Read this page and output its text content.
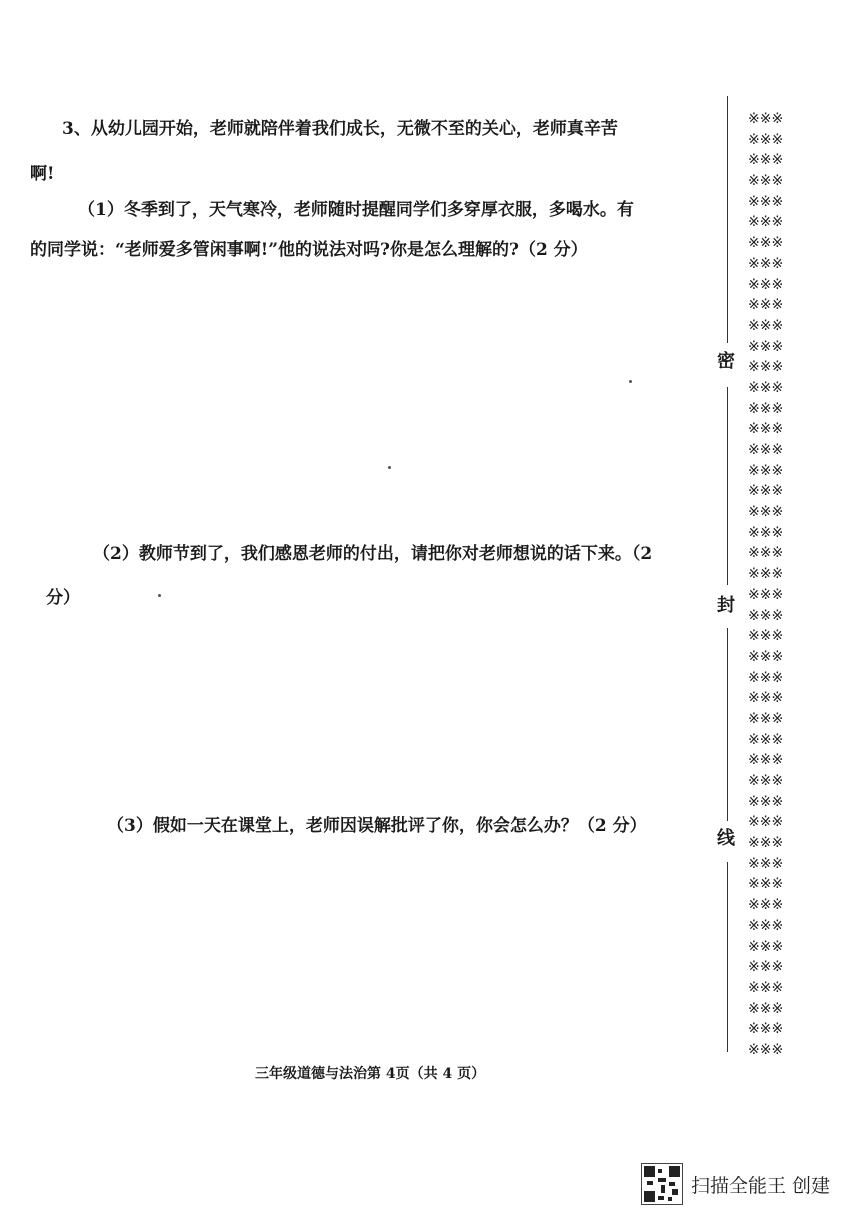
3、从幼儿园开始，老师就陪伴着我们成长，无微不至的关心，老师真辛苦
啊!
（1）冬季到了，天气寒冷，老师随时提醒同学们多穿厚衣服，多喝水。有
的同学说：“老师爱多管闲事啊!”他的说法对吗?你是怎么理解的?（2 分）
（2）教师节到了，我们感恩老师的付出，请把你对老师想说的话下来。（2
分）
（3）假如一天在课堂上，老师因误解批评了你，你会怎么办？（2 分）
三年级道德与法治第 4页（共 4 页）
密
封
线
※※※
※※※
※※※
※※※
※※※
※※※
※※※
※※※
※※※
※※※
※※※
※※※
※※※
※※※
※※※
※※※
※※※
※※※
※※※
※※※
※※※
※※※
※※※
※※※
※※※
※※※
※※※
※※※
※※※
※※※
※※※
※※※
※※※
※※※
※※※
※※※
※※※
※※※
※※※
※※※
※※※
※※※
※※※
※※※
※※※
※※※
扫描全能王 创建
